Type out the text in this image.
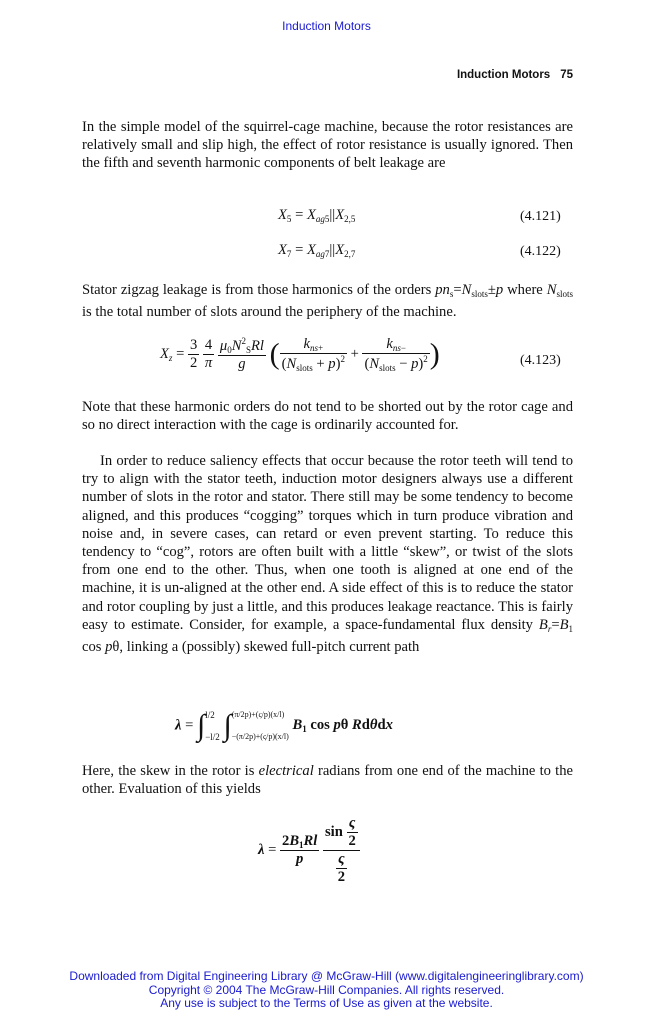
Induction Motors
Induction Motors 75
In the simple model of the squirrel-cage machine, because the rotor resistances are relatively small and slip high, the effect of rotor resistance is usually ignored. Then the fifth and seventh harmonic components of belt leakage are
$X_5 = X_{ag5}||X_{2,5}$	(4.121)
$X_7 = X_{ag7}||X_{2,7}$	(4.122)
Stator zigzag leakage is from those harmonics of the orders $pn_s=N_{slots}\pm p$ where $N_{slots}$ is the total number of slots around the periphery of the machine.
$X_z = \frac{3}{2}$
$\frac{4}{\pi}$
$\frac{\mu_0N^2_SRl}{g}$ ( $\frac{k_{ns+}}{(N_{slots} + p)^2} + \frac{k_{ns-}}{(N_{slots} - p)^2}$ )	(4.123)
Note that these harmonic orders do not tend to be shorted out by the rotor cage and so no direct interaction with the cage is ordinarily accounted for.
In order to reduce saliency effects that occur because the rotor teeth will tend to try to align with the stator teeth, induction motor designers always use a different number of slots in the rotor and stator. There still may be some tendency to become aligned, and this produces “cogging” torques which in turn produce vibration and noise and, in severe cases, can retard or even prevent starting. To reduce this tendency to “cog”, rotors are often built with a little “skew”, or twist of the slots from one end to the other. Thus, when one tooth is aligned at one end of the machine, it is un-aligned at the other end. A side effect of this is to reduce the stator and rotor coupling by just a little, and this produces leakage reactance. This is fairly easy to estimate. Consider, for example, a space-fundamental flux density $B_r=B_1$ cos pθ, linking a (possibly) skewed full-pitch current path
λ = ∫l/2
−l/2 ∫(π/2p)+(ς/p)(x/l)
−(π/2p)+(ς/p)(x/l) $B_1$ cos pθ Rdθdx
Here, the skew in the rotor is electrical radians from one end of the machine to the other. Evaluation of this yields
$\lambda = \frac{2B_1Rl}{p}$
$\frac{\sin \frac{\varsigma}{2}}{\frac{\varsigma}{2}}$
Downloaded from Digital Engineering Library @ McGraw-Hill (www.digitalengineeringlibrary.com)
Copyright © 2004 The McGraw-Hill Companies. All rights reserved.
Any use is subject to the Terms of Use as given at the website.
